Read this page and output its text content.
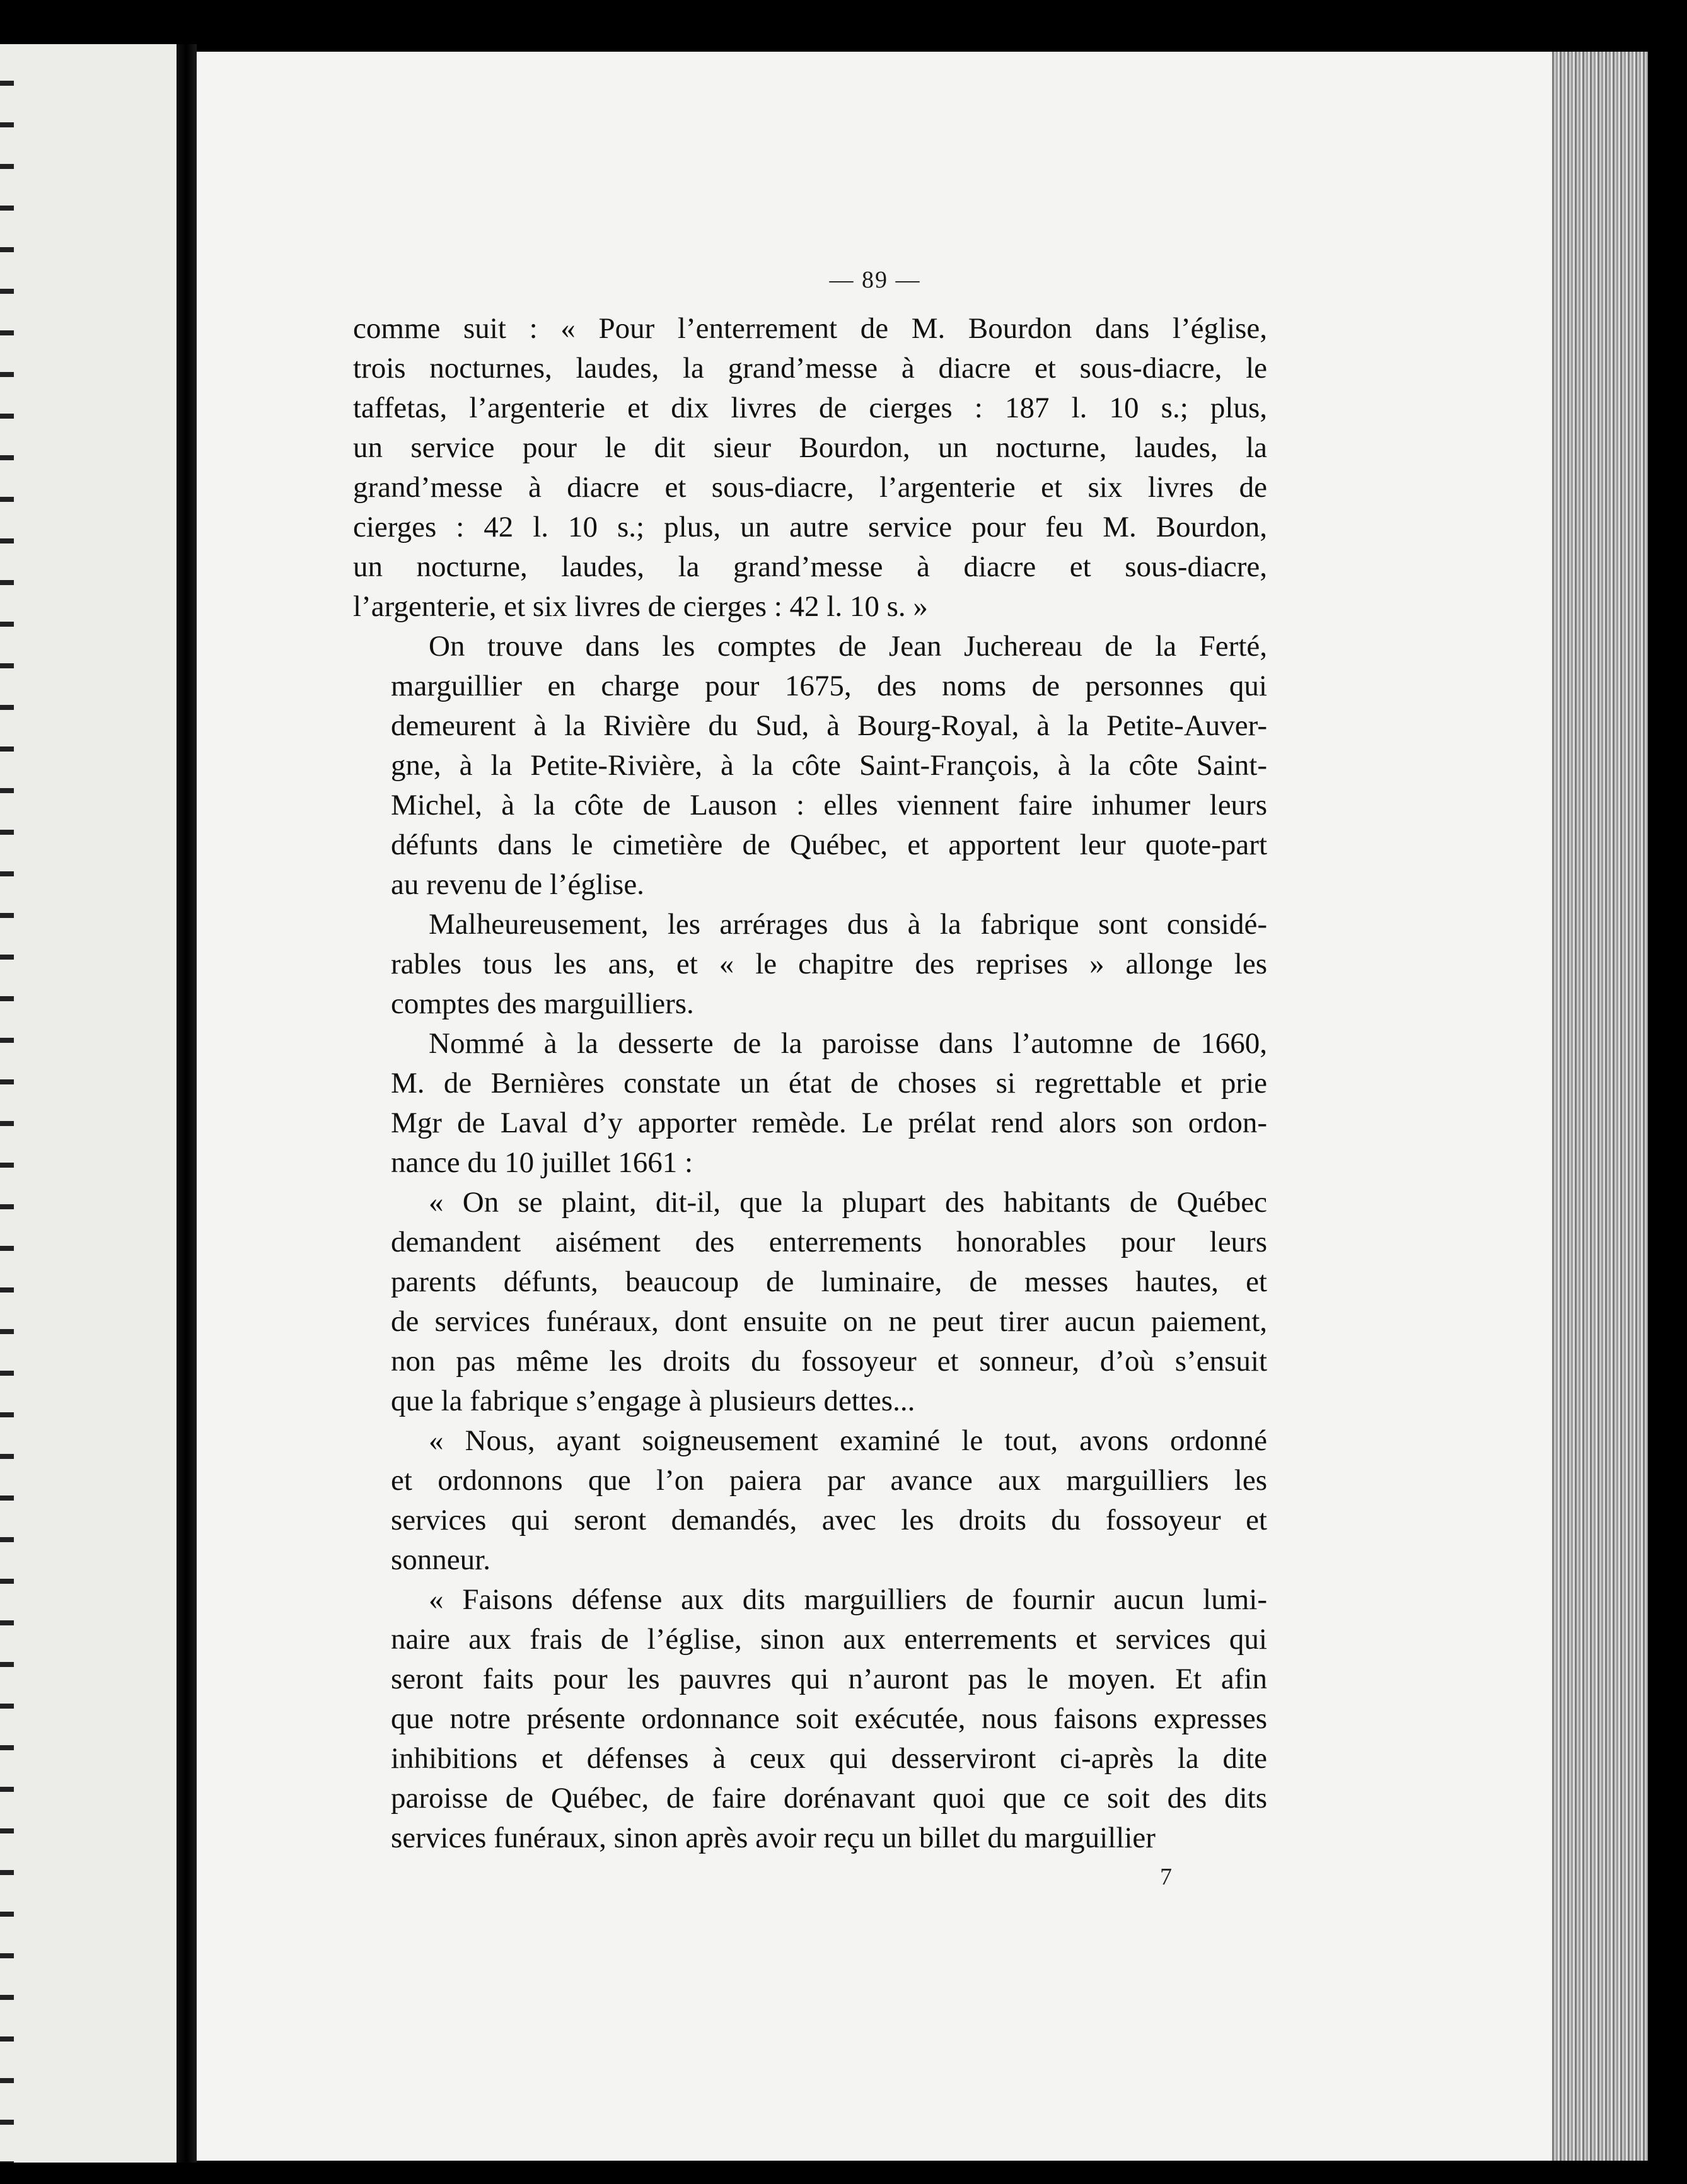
— 89 —

comme suit : « Pour l’enterrement de M. Bourdon dans l’église,
trois nocturnes, laudes, la grand’messe à diacre et sous-diacre, le
taffetas, l’argenterie et dix livres de cierges : 187 l. 10 s.; plus,
un service pour le dit sieur Bourdon, un nocturne, laudes, la
grand’messe à diacre et sous-diacre, l’argenterie et six livres de
cierges : 42 l. 10 s.; plus, un autre service pour feu M. Bourdon,
un nocturne, laudes, la grand’messe à diacre et sous-diacre,
l’argenterie, et six livres de cierges : 42 l. 10 s. »

On trouve dans les comptes de Jean Juchereau de la Ferté,
marguillier en charge pour 1675, des noms de personnes qui
demeurent à la Rivière du Sud, à Bourg-Royal, à la Petite-Auver-
gne, à la Petite-Rivière, à la côte Saint-François, à la côte Saint-
Michel, à la côte de Lauson : elles viennent faire inhumer leurs
défunts dans le cimetière de Québec, et apportent leur quote-part
au revenu de l’église.

Malheureusement, les arrérages dus à la fabrique sont considé-
rables tous les ans, et « le chapitre des reprises » allonge les
comptes des marguilliers.

Nommé à la desserte de la paroisse dans l’automne de 1660,
M. de Bernières constate un état de choses si regrettable et prie
Mgr de Laval d’y apporter remède. Le prélat rend alors son ordon-
nance du 10 juillet 1661 :

« On se plaint, dit-il, que la plupart des habitants de Québec
demandent aisément des enterrements honorables pour leurs
parents défunts, beaucoup de luminaire, de messes hautes, et
de services funéraux, dont ensuite on ne peut tirer aucun paiement,
non pas même les droits du fossoyeur et sonneur, d’où s’ensuit
que la fabrique s’engage à plusieurs dettes...

« Nous, ayant soigneusement examiné le tout, avons ordonné
et ordonnons que l’on paiera par avance aux marguilliers les
services qui seront demandés, avec les droits du fossoyeur et
sonneur.

« Faisons défense aux dits marguilliers de fournir aucun lumi-
naire aux frais de l’église, sinon aux enterrements et services qui
seront faits pour les pauvres qui n’auront pas le moyen. Et afin
que notre présente ordonnance soit exécutée, nous faisons expresses
inhibitions et défenses à ceux qui desserviront ci-après la dite
paroisse de Québec, de faire dorénavant quoi que ce soit des dits
services funéraux, sinon après avoir reçu un billet du marguillier

7
